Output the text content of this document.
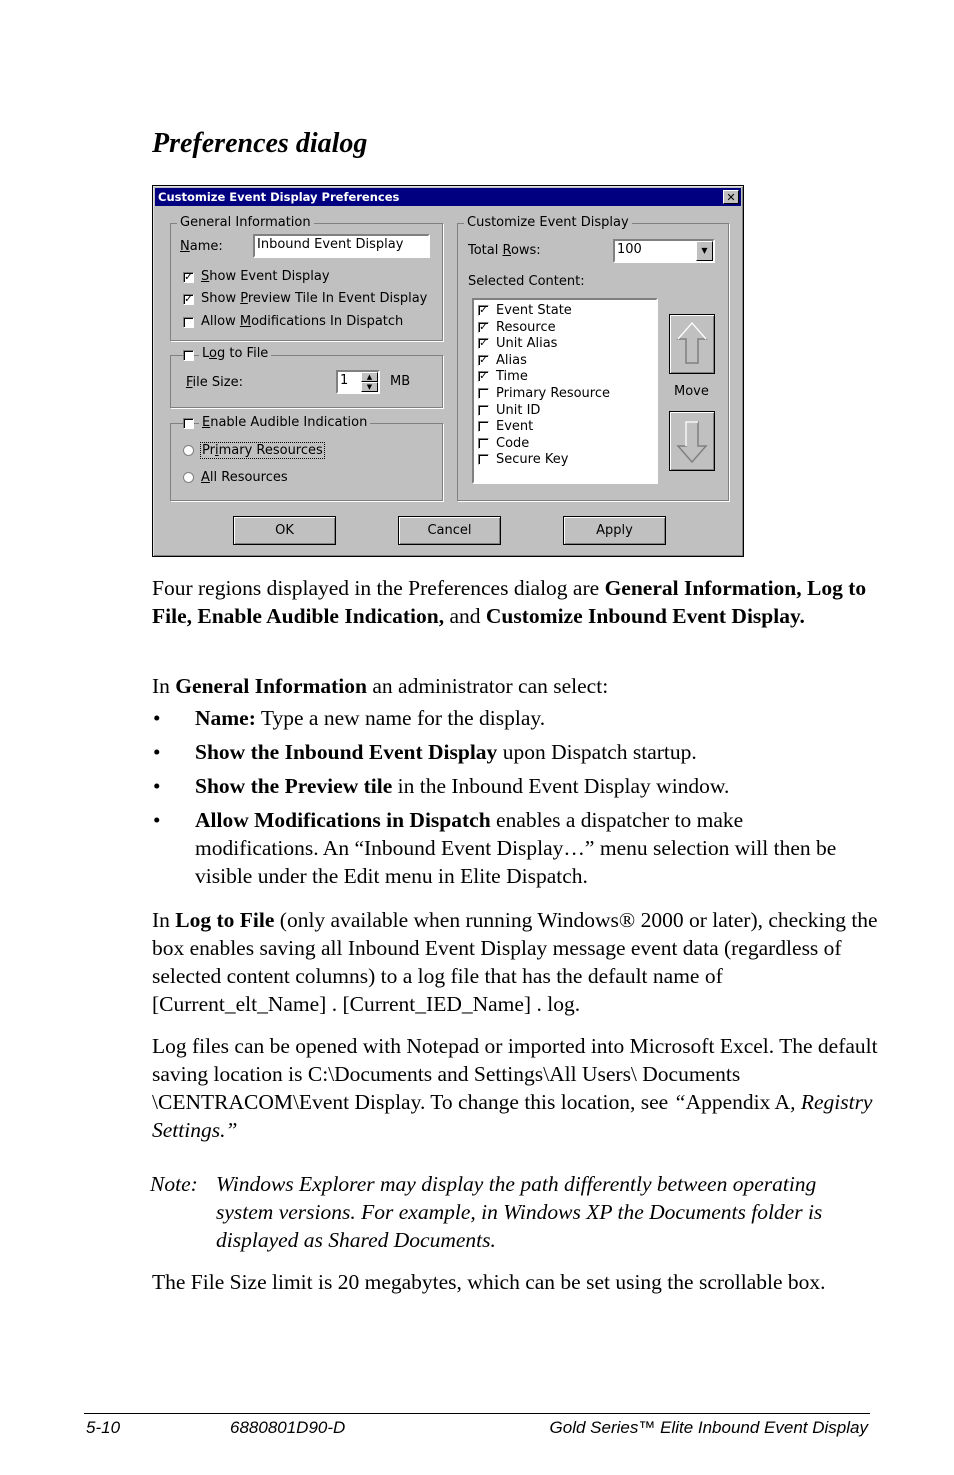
Preferences dialog
Customize Event Display Preferences	✕
General Information
Name:	Inbound Event Display
✓ Show Event Display
✓ Show Preview Tile In Event Display
Allow Modifications In Dispatch
Log to File
File Size:	1	▲
▼	MB
Enable Audible Indication
Primary Resources
All Resources
Customize Event Display
Total Rows:	100	▼
Selected Content:
✓ Event State
✓ Resource
✓ Unit Alias
✓ Alias
✓ Time
Primary Resource
Unit ID
Event
Code
Secure Key
Move
OK	Cancel	Apply
Four regions displayed in the Preferences dialog are General Information, Log to File, Enable Audible Indication, and Customize Inbound Event Display.
In General Information an administrator can select:
• Name: Type a new name for the display.
• Show the Inbound Event Display upon Dispatch startup.
• Show the Preview tile in the Inbound Event Display window.
• Allow Modifications in Dispatch enables a dispatcher to make modifications. An “Inbound Event Display…” menu selection will then be visible under the Edit menu in Elite Dispatch.
In Log to File (only available when running Windows® 2000 or later), checking the box enables saving all Inbound Event Display message event data (regardless of selected content columns) to a log file that has the default name of [Current_elt_Name] . [Current_IED_Name] . log.
Log files can be opened with Notepad or imported into Microsoft Excel. The default saving location is C:\Documents and Settings\All Users\ Documents \CENTRACOM\Event Display. To change this location, see “Appendix A, Registry Settings.”
Note: Windows Explorer may display the path differently between operating system versions. For example, in Windows XP the Documents folder is displayed as Shared Documents.
The File Size limit is 20 megabytes, which can be set using the scrollable box.
5-10	6880801D90-D	Gold Series™ Elite Inbound Event Display
